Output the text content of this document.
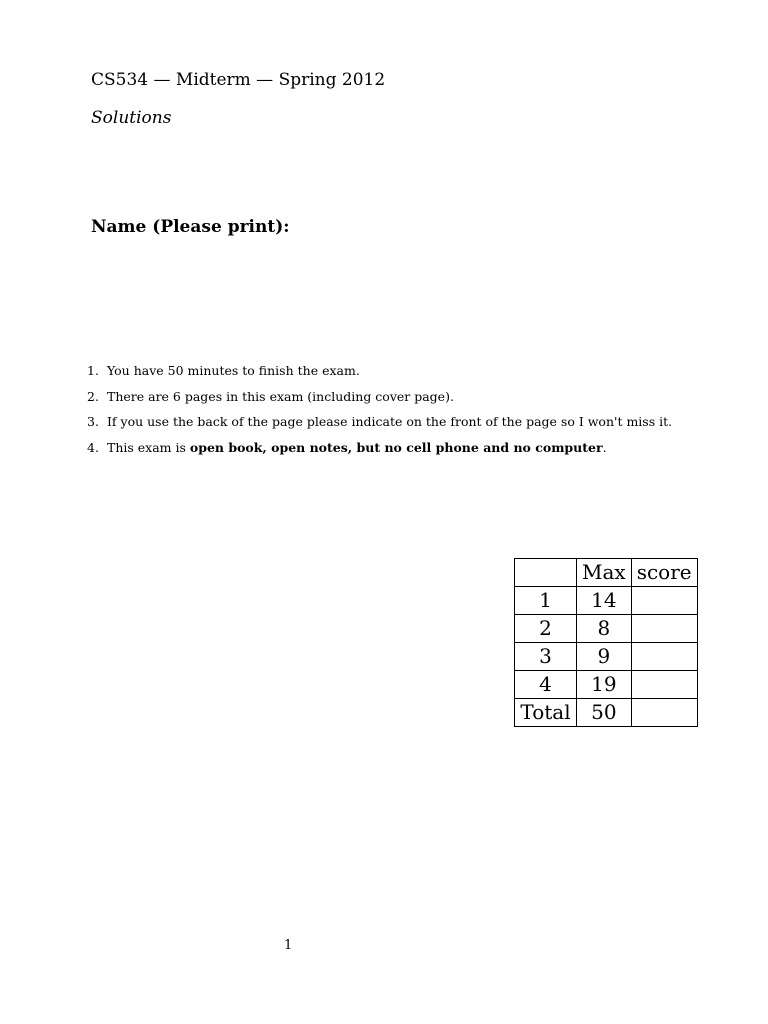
CS534 — Midterm — Spring 2012
Solutions
Name (Please print):
1. You have 50 minutes to finish the exam.
2. There are 6 pages in this exam (including cover page).
3. If you use the back of the page please indicate on the front of the page so I won't miss it.
4. This exam is open book, open notes, but no cell phone and no computer.
	Max	score
1	14	
2	8	
3	9	
4	19	
Total	50	
1
